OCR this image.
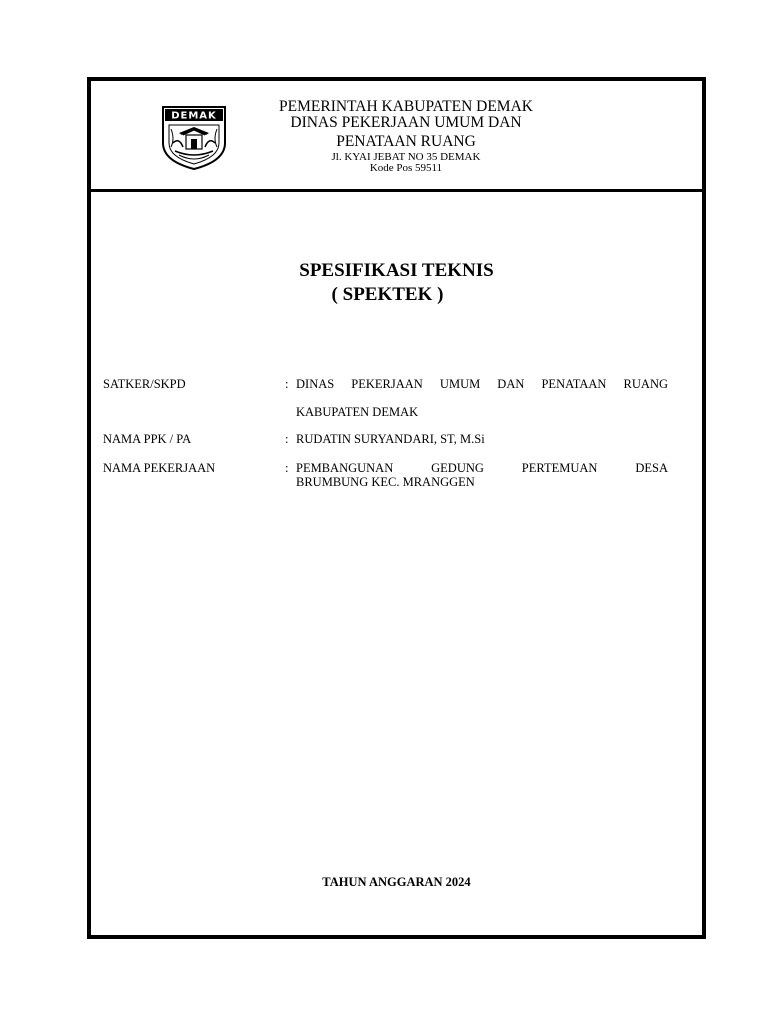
DEMAK
PEMERINTAH KABUPATEN DEMAK
DINAS PEKERJAAN UMUM DAN
PENATAAN RUANG
Jl. KYAI JEBAT NO 35 DEMAK
Kode Pos 59511
SPESIFIKASI TEKNIS
( SPEKTEK )
SATKER/SKPD	: DINAS PEKERJAAN UMUM DAN PENATAAN RUANG
KABUPATEN DEMAK
NAMA PPK / PA	: RUDATIN SURYANDARI, ST, M.Si
NAMA PEKERJAAN	: PEMBANGUNAN GEDUNG PERTEMUAN DESA
BRUMBUNG KEC. MRANGGEN
TAHUN ANGGARAN 2024
